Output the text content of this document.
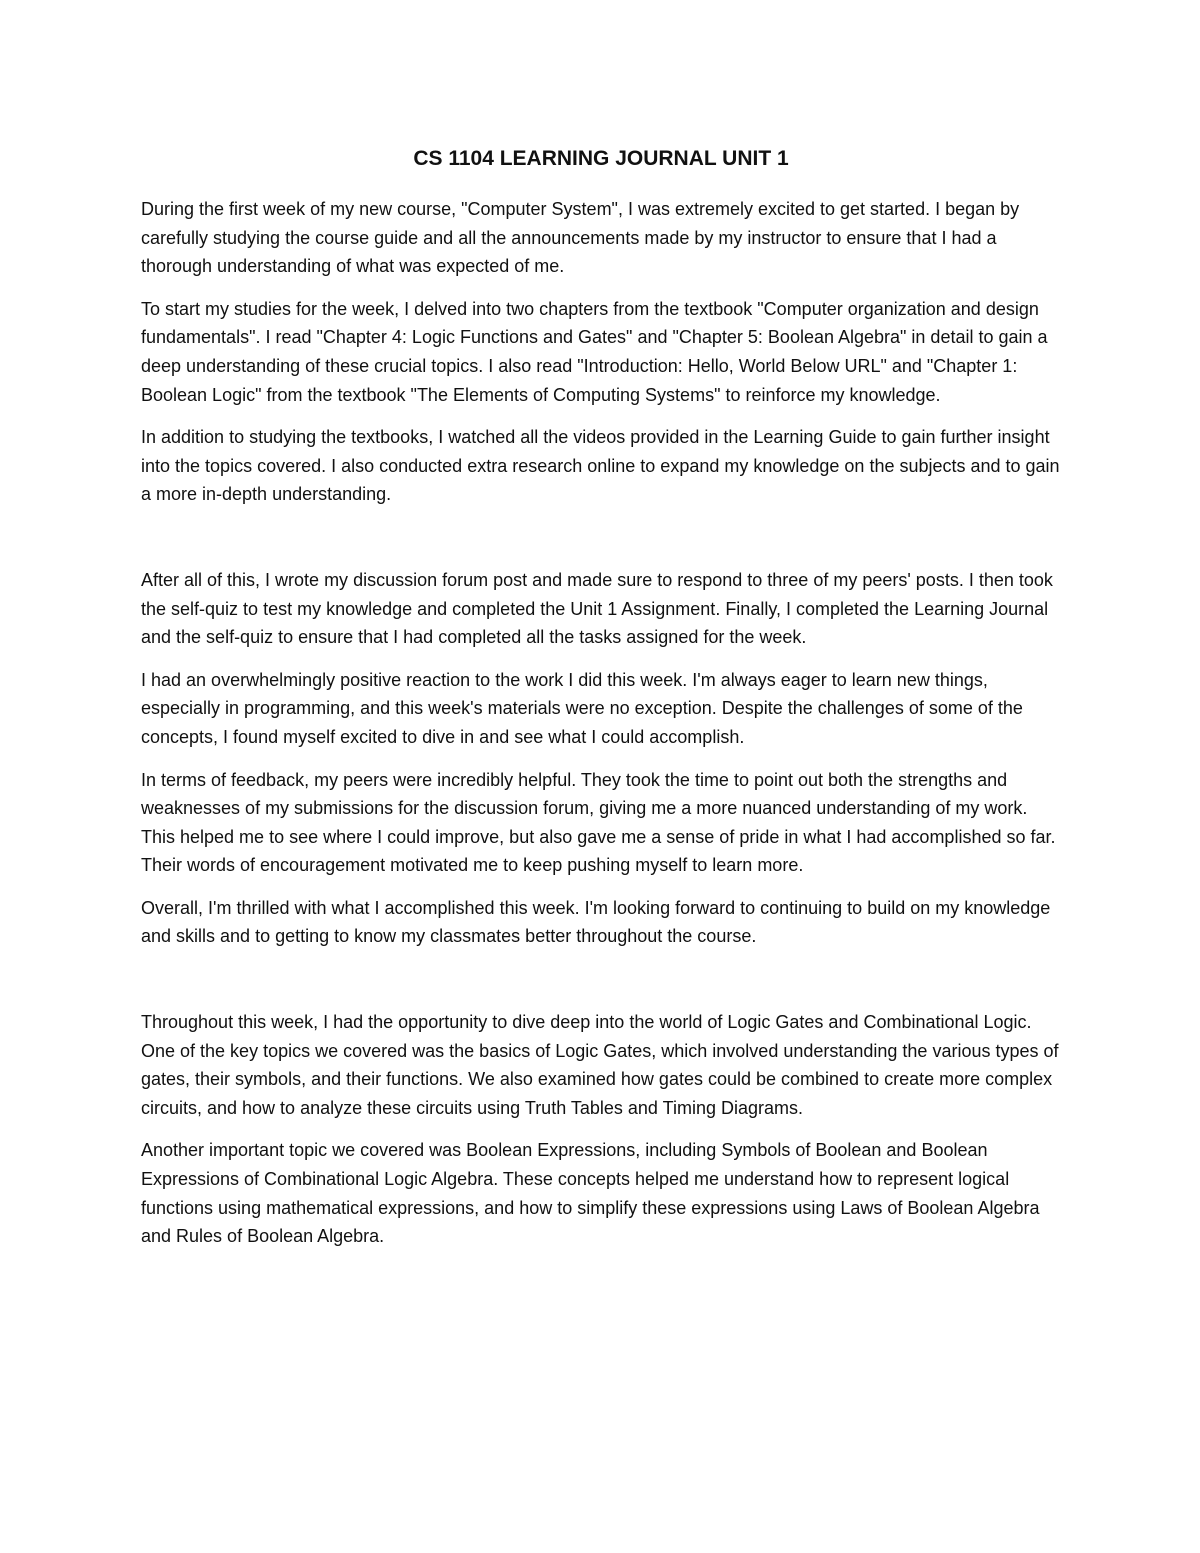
CS 1104 LEARNING JOURNAL UNIT 1

During the first week of my new course, "Computer System", I was extremely excited to get started. I began by carefully studying the course guide and all the announcements made by my instructor to ensure that I had a thorough understanding of what was expected of me.

To start my studies for the week, I delved into two chapters from the textbook "Computer organization and design fundamentals". I read "Chapter 4: Logic Functions and Gates" and "Chapter 5: Boolean Algebra" in detail to gain a deep understanding of these crucial topics. I also read "Introduction: Hello, World Below URL" and "Chapter 1: Boolean Logic" from the textbook "The Elements of Computing Systems" to reinforce my knowledge.

In addition to studying the textbooks, I watched all the videos provided in the Learning Guide to gain further insight into the topics covered. I also conducted extra research online to expand my knowledge on the subjects and to gain a more in-depth understanding.

After all of this, I wrote my discussion forum post and made sure to respond to three of my peers' posts. I then took the self-quiz to test my knowledge and completed the Unit 1 Assignment. Finally, I completed the Learning Journal and the self-quiz to ensure that I had completed all the tasks assigned for the week.

I had an overwhelmingly positive reaction to the work I did this week. I'm always eager to learn new things, especially in programming, and this week's materials were no exception. Despite the challenges of some of the concepts, I found myself excited to dive in and see what I could accomplish.

In terms of feedback, my peers were incredibly helpful. They took the time to point out both the strengths and weaknesses of my submissions for the discussion forum, giving me a more nuanced understanding of my work. This helped me to see where I could improve, but also gave me a sense of pride in what I had accomplished so far. Their words of encouragement motivated me to keep pushing myself to learn more.

Overall, I'm thrilled with what I accomplished this week. I'm looking forward to continuing to build on my knowledge and skills and to getting to know my classmates better throughout the course.

Throughout this week, I had the opportunity to dive deep into the world of Logic Gates and Combinational Logic. One of the key topics we covered was the basics of Logic Gates, which involved understanding the various types of gates, their symbols, and their functions. We also examined how gates could be combined to create more complex circuits, and how to analyze these circuits using Truth Tables and Timing Diagrams.

Another important topic we covered was Boolean Expressions, including Symbols of Boolean and Boolean Expressions of Combinational Logic Algebra. These concepts helped me understand how to represent logical functions using mathematical expressions, and how to simplify these expressions using Laws of Boolean Algebra and Rules of Boolean Algebra.
